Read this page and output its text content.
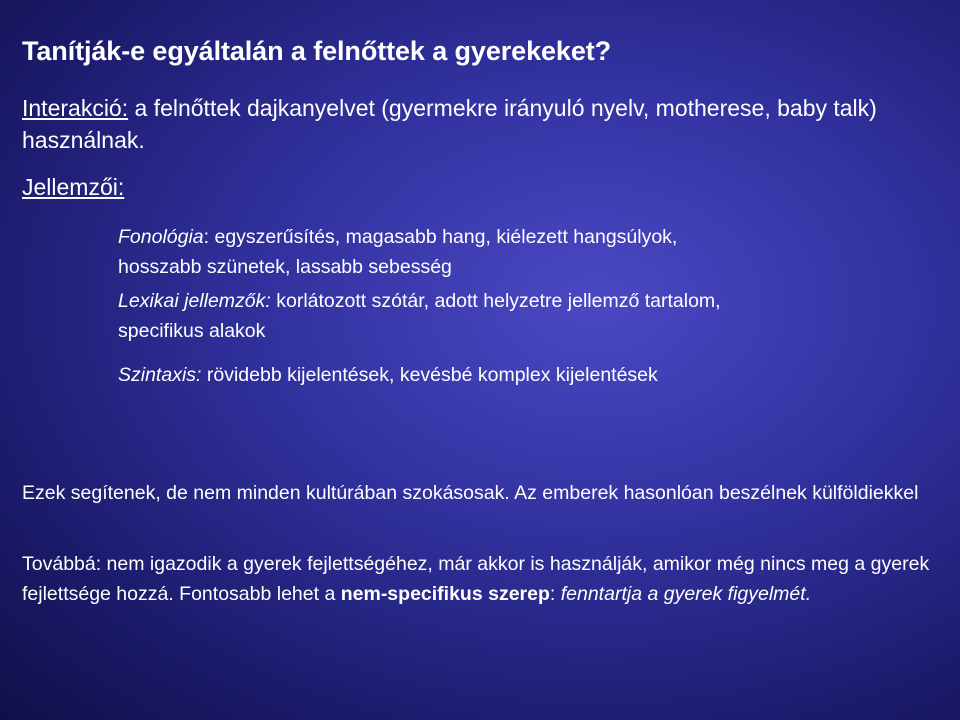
Tanítják-e egyáltalán a felnőttek a gyerekeket?
Interakció: a felnőttek dajkanyelvet (gyermekre irányuló nyelv, motherese, baby talk) használnak.
Jellemzői:

Fonológia: egyszerűsítés, magasabb hang, kiélezett hangsúlyok, hosszabb szünetek, lassabb sebesség

Lexikai jellemzők: korlátozott szótár, adott helyzetre jellemző tartalom, specifikus alakok

Szintaxis: rövidebb kijelentések, kevésbé komplex kijelentések

Ezek segítenek, de nem minden kultúrában szokásosak. Az emberek hasonlóan beszélnek külföldiekkel
Továbbá: nem igazodik a gyerek fejlettségéhez, már akkor is használják, amikor még nincs meg a gyerek fejlettsége hozzá. Fontosabb lehet a nem-specifikus szerep: fenntartja a gyerek figyelmét.
